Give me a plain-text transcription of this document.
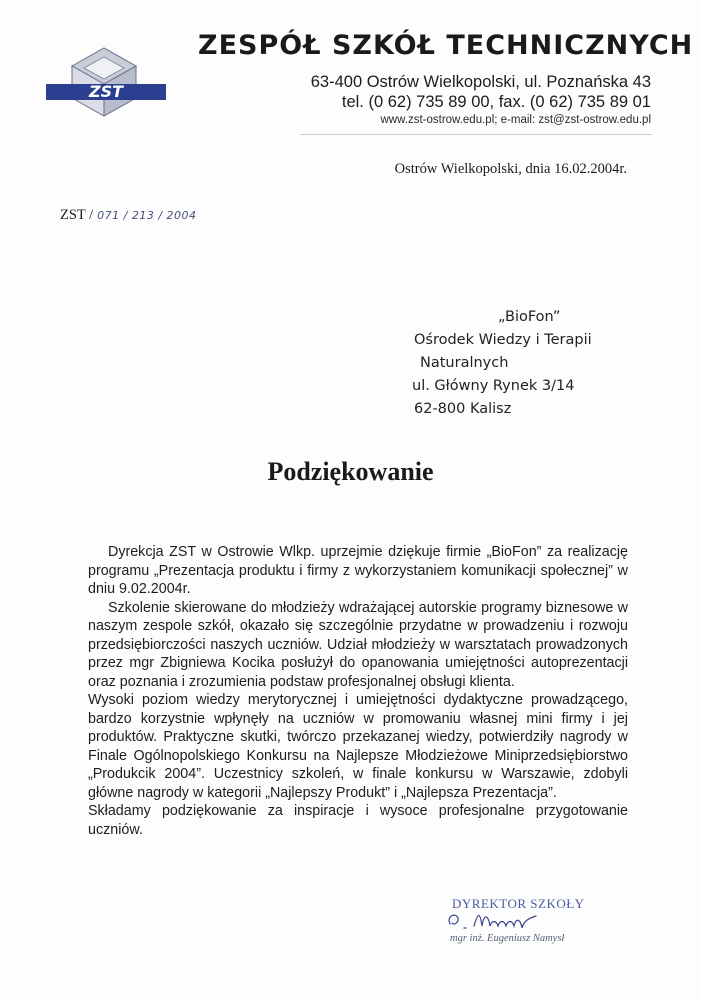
ZST
ZESPÓŁ SZKÓŁ TECHNICZNYCH
63-400 Ostrów Wielkopolski, ul. Poznańska 43
tel. (0 62) 735 89 00, fax. (0 62) 735 89 01
www.zst-ostrow.edu.pl; e-mail: zst@zst-ostrow.edu.pl
Ostrów Wielkopolski, dnia 16.02.2004r.
ZST / 071 / 213 / 2004
„BioFon”
Ośrodek Wiedzy i Terapii
Naturalnych
ul. Główny Rynek 3/14
62-800 Kalisz
Podziękowanie

Dyrekcja ZST w Ostrowie Wlkp. uprzejmie dziękuje firmie „BioFon” za realizację programu „Prezentacja produktu i firmy z wykorzystaniem komunikacji społecznej” w dniu 9.02.2004r.

Szkolenie skierowane do młodzieży wdrażającej autorskie programy biznesowe w naszym zespole szkół, okazało się szczególnie przydatne w prowadzeniu i rozwoju przedsiębiorczości naszych uczniów. Udział młodzieży w warsztatach prowadzonych przez mgr Zbigniewa Kocika posłużył do opanowania umiejętności autoprezentacji oraz poznania i zrozumienia podstaw profesjonalnej obsługi klienta.

Wysoki poziom wiedzy merytorycznej i umiejętności dydaktyczne prowadzącego, bardzo korzystnie wpłynęły na uczniów w promowaniu własnej mini firmy i jej produktów. Praktyczne skutki, twórczo przekazanej wiedzy, potwierdziły nagrody w Finale Ogólnopolskiego Konkursu na Najlepsze Młodzieżowe Miniprzedsiębiorstwo „Produkcik 2004”. Uczestnicy szkoleń, w finale konkursu w Warszawie, zdobyli główne nagrody w kategorii „Najlepszy Produkt” i „Najlepsza Prezentacja”.

Składamy podziękowanie za inspiracje i wysoce profesjonalne przygotowanie uczniów.

DYREKTOR SZKOŁY
mgr inż. Eugeniusz Namysł
